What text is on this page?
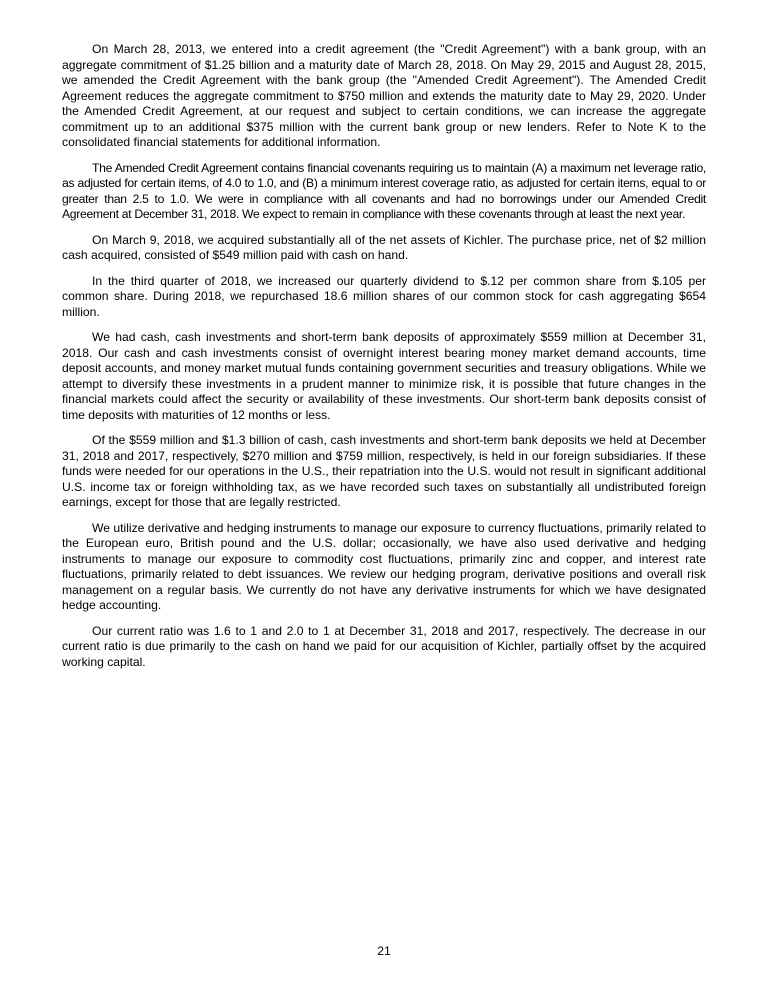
On March 28, 2013, we entered into a credit agreement (the "Credit Agreement") with a bank group, with an aggregate commitment of $1.25 billion and a maturity date of March 28, 2018. On May 29, 2015 and August 28, 2015, we amended the Credit Agreement with the bank group (the "Amended Credit Agreement"). The Amended Credit Agreement reduces the aggregate commitment to $750 million and extends the maturity date to May 29, 2020. Under the Amended Credit Agreement, at our request and subject to certain conditions, we can increase the aggregate commitment up to an additional $375 million with the current bank group or new lenders. Refer to Note K to the consolidated financial statements for additional information.

The Amended Credit Agreement contains financial covenants requiring us to maintain (A) a maximum net leverage ratio, as adjusted for certain items, of 4.0 to 1.0, and (B) a minimum interest coverage ratio, as adjusted for certain items, equal to or greater than 2.5 to 1.0. We were in compliance with all covenants and had no borrowings under our Amended Credit Agreement at December 31, 2018. We expect to remain in compliance with these covenants through at least the next year.

On March 9, 2018, we acquired substantially all of the net assets of Kichler. The purchase price, net of $2 million cash acquired, consisted of $549 million paid with cash on hand.

In the third quarter of 2018, we increased our quarterly dividend to $.12 per common share from $.105 per common share. During 2018, we repurchased 18.6 million shares of our common stock for cash aggregating $654 million.

We had cash, cash investments and short-term bank deposits of approximately $559 million at December 31, 2018. Our cash and cash investments consist of overnight interest bearing money market demand accounts, time deposit accounts, and money market mutual funds containing government securities and treasury obligations. While we attempt to diversify these investments in a prudent manner to minimize risk, it is possible that future changes in the financial markets could affect the security or availability of these investments. Our short-term bank deposits consist of time deposits with maturities of 12 months or less.

Of the $559 million and $1.3 billion of cash, cash investments and short-term bank deposits we held at December 31, 2018 and 2017, respectively, $270 million and $759 million, respectively, is held in our foreign subsidiaries. If these funds were needed for our operations in the U.S., their repatriation into the U.S. would not result in significant additional U.S. income tax or foreign withholding tax, as we have recorded such taxes on substantially all undistributed foreign earnings, except for those that are legally restricted.

We utilize derivative and hedging instruments to manage our exposure to currency fluctuations, primarily related to the European euro, British pound and the U.S. dollar; occasionally, we have also used derivative and hedging instruments to manage our exposure to commodity cost fluctuations, primarily zinc and copper, and interest rate fluctuations, primarily related to debt issuances. We review our hedging program, derivative positions and overall risk management on a regular basis. We currently do not have any derivative instruments for which we have designated hedge accounting.

Our current ratio was 1.6 to 1 and 2.0 to 1 at December 31, 2018 and 2017, respectively. The decrease in our current ratio is due primarily to the cash on hand we paid for our acquisition of Kichler, partially offset by the acquired working capital.

21
